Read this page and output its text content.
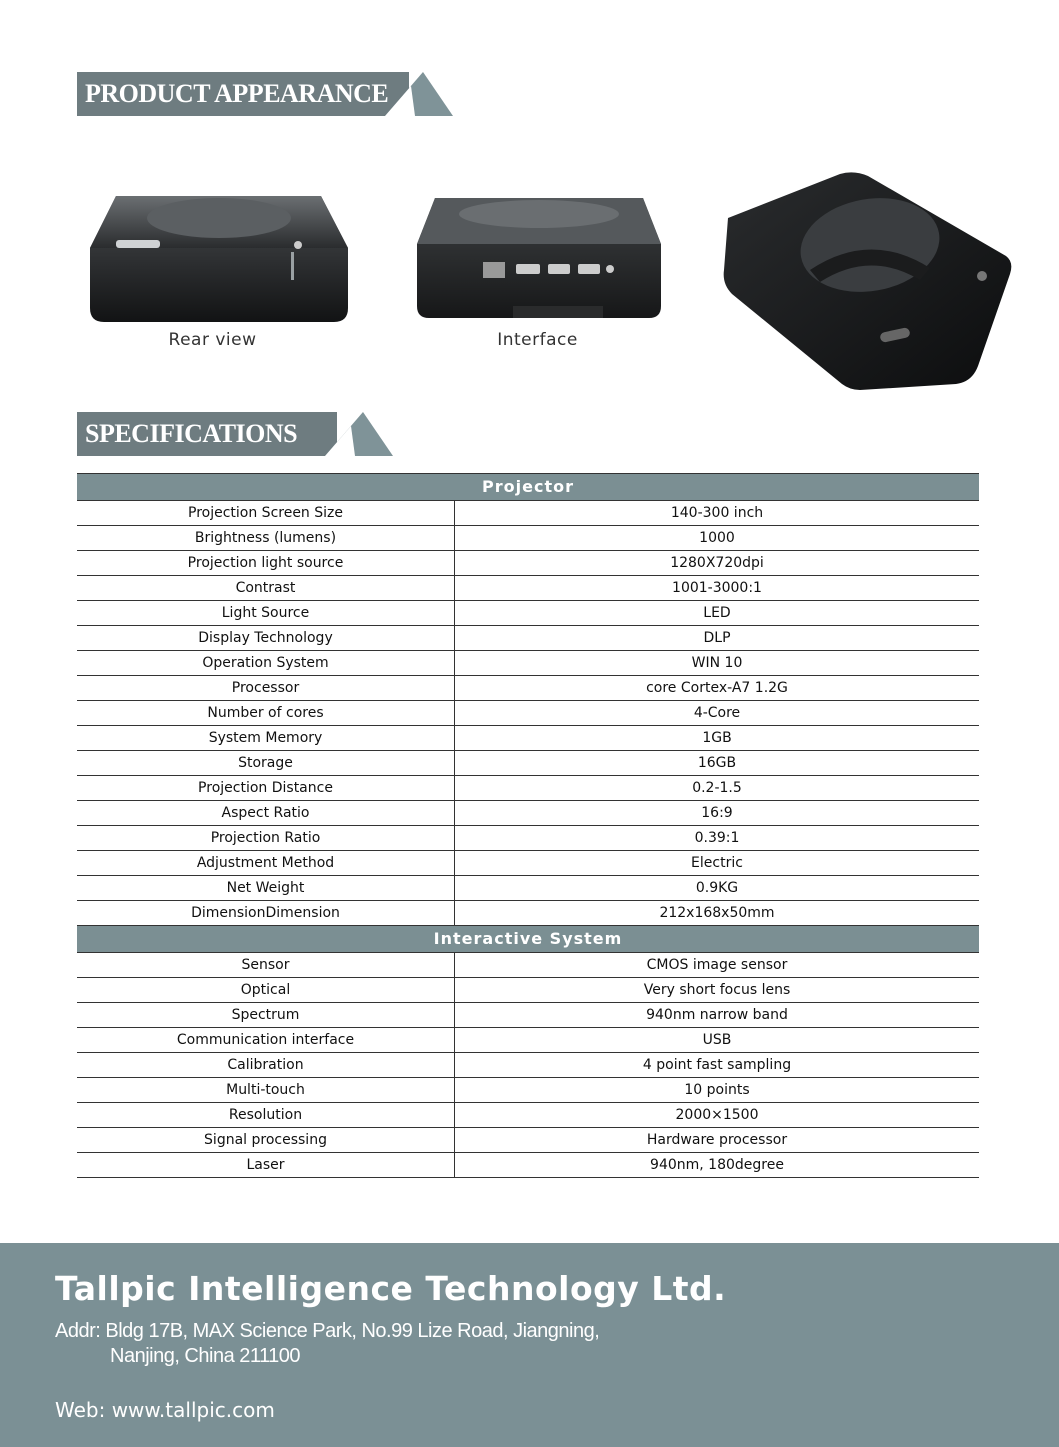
PRODUCT APPEARANCE
Rear view	Interface
SPECIFICATIONS
Projector	
Projection Screen Size	140-300 inch
Brightness (lumens)	1000
Projection light source	1280X720dpi
Contrast	1001-3000:1
Light Source	LED
Display Technology	DLP
Operation System	WIN 10
Processor	core Cortex-A7 1.2G
Number of cores	4-Core
System Memory	1GB
Storage	16GB
Projection Distance	0.2-1.5
Aspect Ratio	16:9
Projection Ratio	0.39:1
Adjustment Method	Electric
Net Weight	0.9KG
DimensionDimension	212x168x50mm
Interactive System	
Sensor	CMOS image sensor
Optical	Very short focus lens
Spectrum	940nm narrow band
Communication interface	USB
Calibration	4 point fast sampling
Multi-touch	10 points
Resolution	2000×1500
Signal processing	Hardware processor
Laser	940nm, 180degree
Tallpic Intelligence Technology Ltd.
Addr: Bldg 17B, MAX Science Park, No.99 Lize Road, Jiangning,
Nanjing, China 211100
Web: www.tallpic.com
